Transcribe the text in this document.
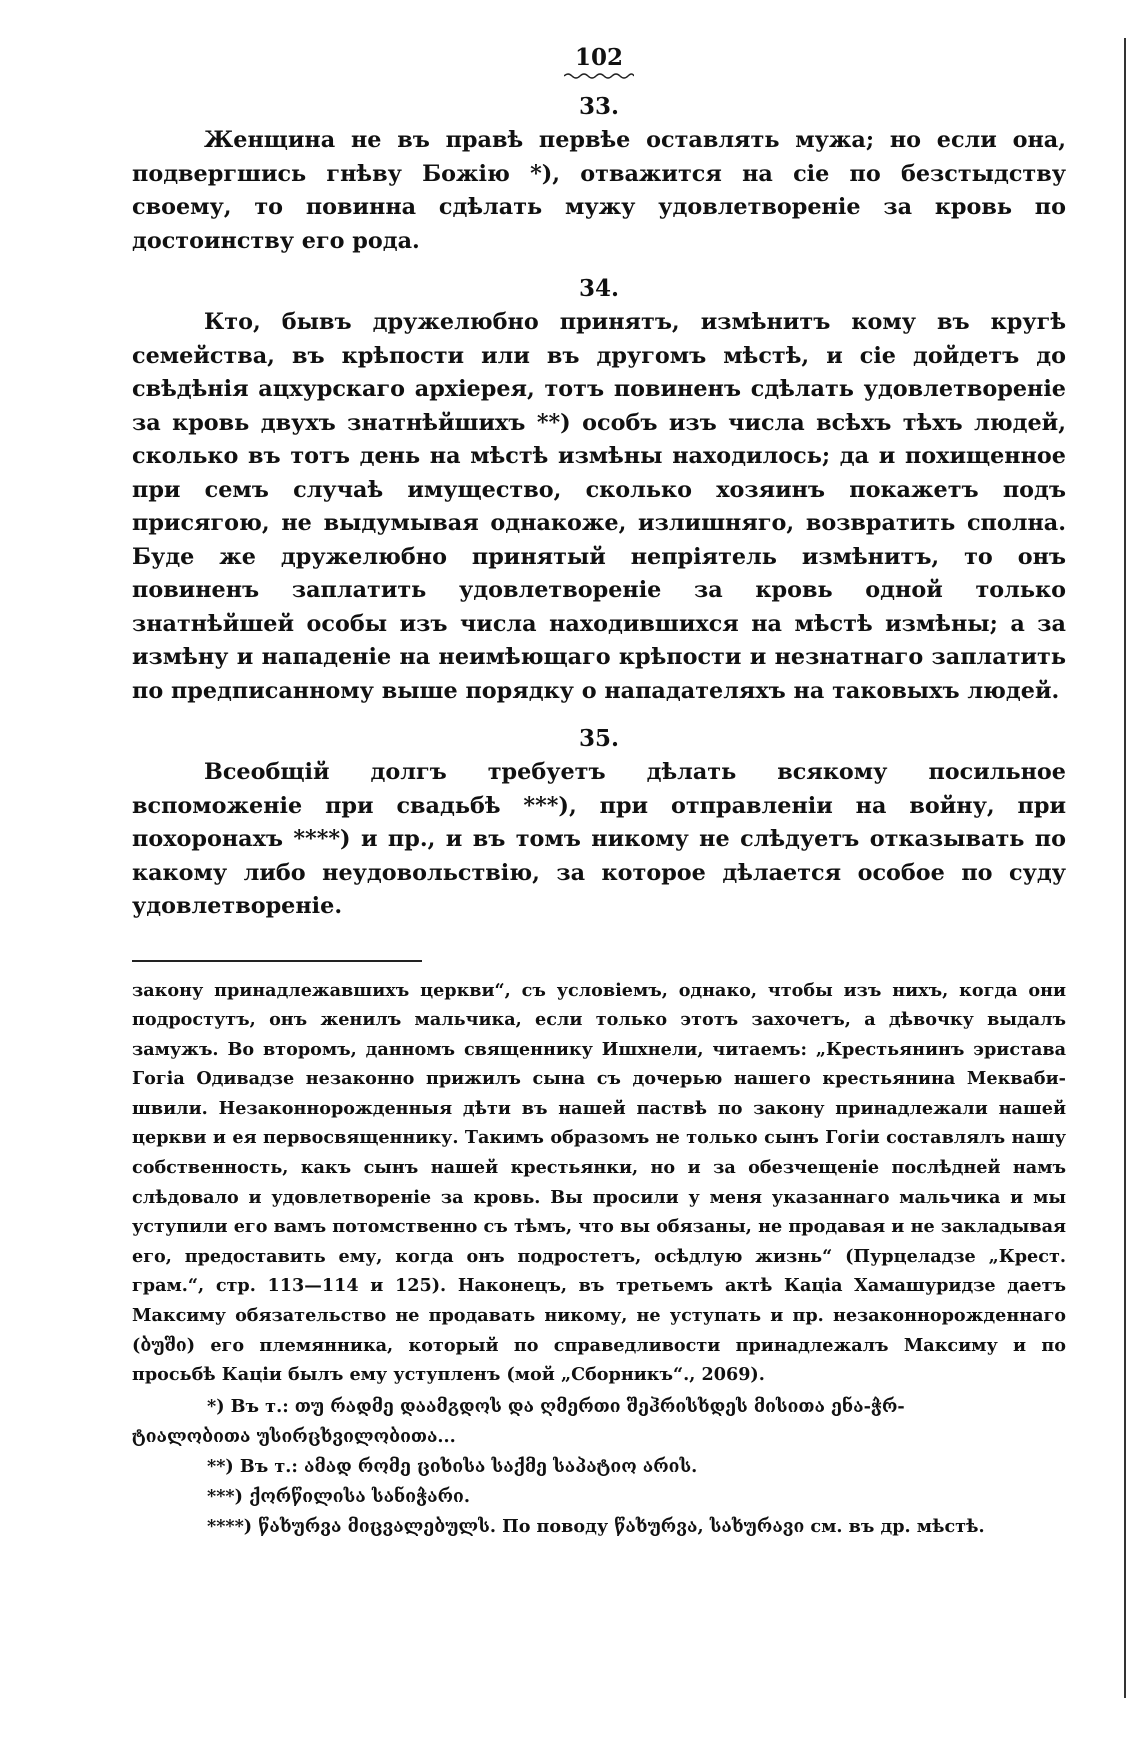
102
33.

Женщина не въ правѣ первѣе оставлять мужа; но если она, подвергшись гнѣву Божію *), отважится на сіе по безстыдству своему, то повинна сдѣлать мужу удовлетвореніе за кровь по достоинству его рода.

34.

Кто, бывъ дружелюбно принятъ, измѣнитъ кому въ кругѣ семейства, въ крѣпости или въ другомъ мѣстѣ, и сіе дойдетъ до свѣдѣнія ацхурскаго архіерея, тотъ повиненъ сдѣлать удовлетвореніе за кровь двухъ знатнѣйшихъ **) особъ изъ числа всѣхъ тѣхъ людей, сколько въ тотъ день на мѣстѣ измѣны находилось; да и похищенное при семъ случаѣ имущество, сколько хозяинъ покажетъ подъ присягою, не выдумывая однакоже, излишняго, возвратить сполна. Буде же дружелюбно принятый непріятель измѣнитъ, то онъ повиненъ заплатить удовлетвореніе за кровь одной только знатнѣйшей особы изъ числа находившихся на мѣстѣ измѣны; а за измѣну и нападеніе на неимѣющаго крѣпости и незнатнаго заплатить по предписанному выше порядку о нападателяхъ на таковыхъ людей.

35.

Всеобщій долгъ требуетъ дѣлать всякому посильное вспоможеніе при свадьбѣ ***), при отправленіи на войну, при похоронахъ ****) и пр., и въ томъ никому не слѣдуетъ отказывать по какому либо неудовольствію, за которое дѣлается особое по суду удовлетвореніе.

закону принадлежавшихъ церкви“, съ условіемъ, однако, чтобы изъ нихъ, когда они подростутъ, онъ женилъ мальчика, если только этотъ захочетъ, а дѣвочку выдалъ замужъ. Во второмъ, данномъ священнику Ишхнели, читаемъ: „Крестьянинъ эристава Гогіа Одивадзе незаконно прижилъ сына съ дочерью нашего крестьянина Мекваби-швили. Незаконнорожденныя дѣти въ нашей паствѣ по закону принадлежали нашей церкви и ея первосвященнику. Такимъ образомъ не только сынъ Гогіи составлялъ нашу собственность, какъ сынъ нашей крестьянки, но и за обезчещеніе послѣдней намъ слѣдовало и удовлетвореніе за кровь. Вы просили у меня указаннаго мальчика и мы уступили его вамъ потомственно съ тѣмъ, что вы обязаны, не продавая и не закладывая его, предоставить ему, когда онъ подростетъ, осѣдлую жизнь“ (Пурцеладзе „Крест. грам.“, стр. 113—114 и 125). Наконецъ, въ третьемъ актѣ Каціа Хамашуридзе даетъ Максиму обязательство не продавать никому, не уступать и пр. незаконнорожденнаго (ბუში) его племянника, который по справедливости принадлежалъ Максиму и по просьбѣ Каціи былъ ему уступленъ (мой „Сборникъ“., 2069).

*) Въ т.: თუ რადმე დაამგდოს და ღმერთი შეჰრისხდეს მისითა ენა-ჭრ-

ტიალობითა უსირცხვილობითა...

**) Въ т.: ამად რომე ციხისა საქმე საპატიო არის.

***) ქორწილისა სანიჭარი.

****) წახურვა მიცვალებულს. По поводу წახურვა, სახურავი см. въ др. мѣстѣ.
